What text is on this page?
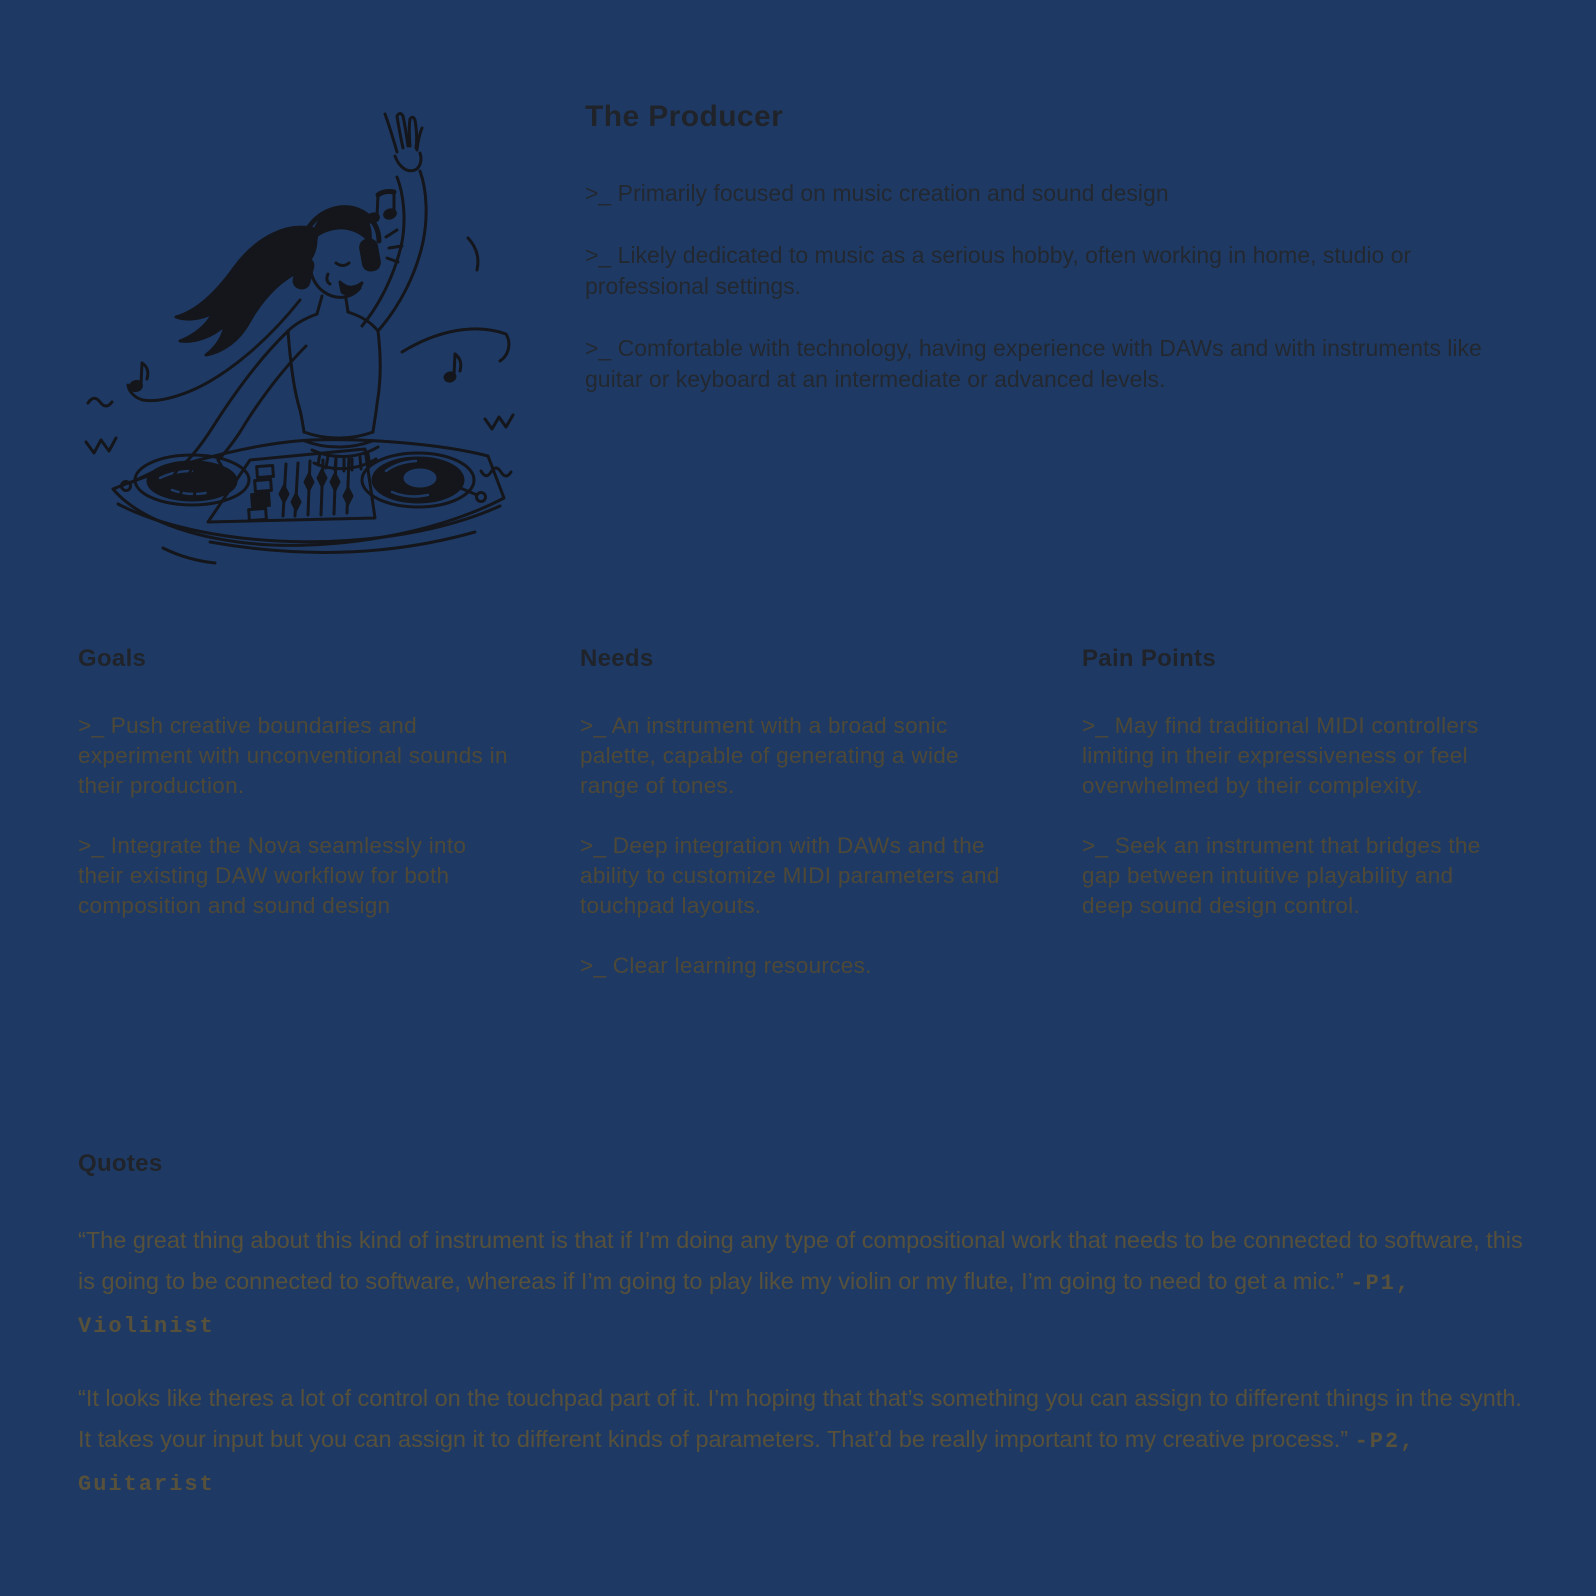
The Producer

>_ Primarily focused on music creation and sound design

>_ Likely dedicated to music as a serious hobby, often working in home, studio or professional settings.

>_ Comfortable with technology, having experience with DAWs and with instruments like guitar or keyboard at an intermediate or advanced levels.

Goals

>_ Push creative boundaries and experiment with unconventional sounds in their production.

>_ Integrate the Nova seamlessly into their existing DAW workflow for both composition and sound design

Needs

>_ An instrument with a broad sonic palette, capable of generating a wide range of tones.

>_ Deep integration with DAWs and the ability to customize MIDI parameters and touchpad layouts.

>_ Clear learning resources.

Pain Points

>_ May find traditional MIDI controllers limiting in their expressiveness or feel overwhelmed by their complexity.

>_ Seek an instrument that bridges the gap between intuitive playability and deep sound design control.

Quotes

“The great thing about this kind of instrument is that if I’m doing any type of compositional work that needs to be connected to software, this is going to be connected to software, whereas if I’m going to play like my violin or my flute, I’m going to need to get a mic.” -P1, Violinist

“It looks like theres a lot of control on the touchpad part of it. I’m hoping that that’s something you can assign to different things in the synth. It takes your input but you can assign it to different kinds of parameters. That’d be really important to my creative process.” -P2, Guitarist
